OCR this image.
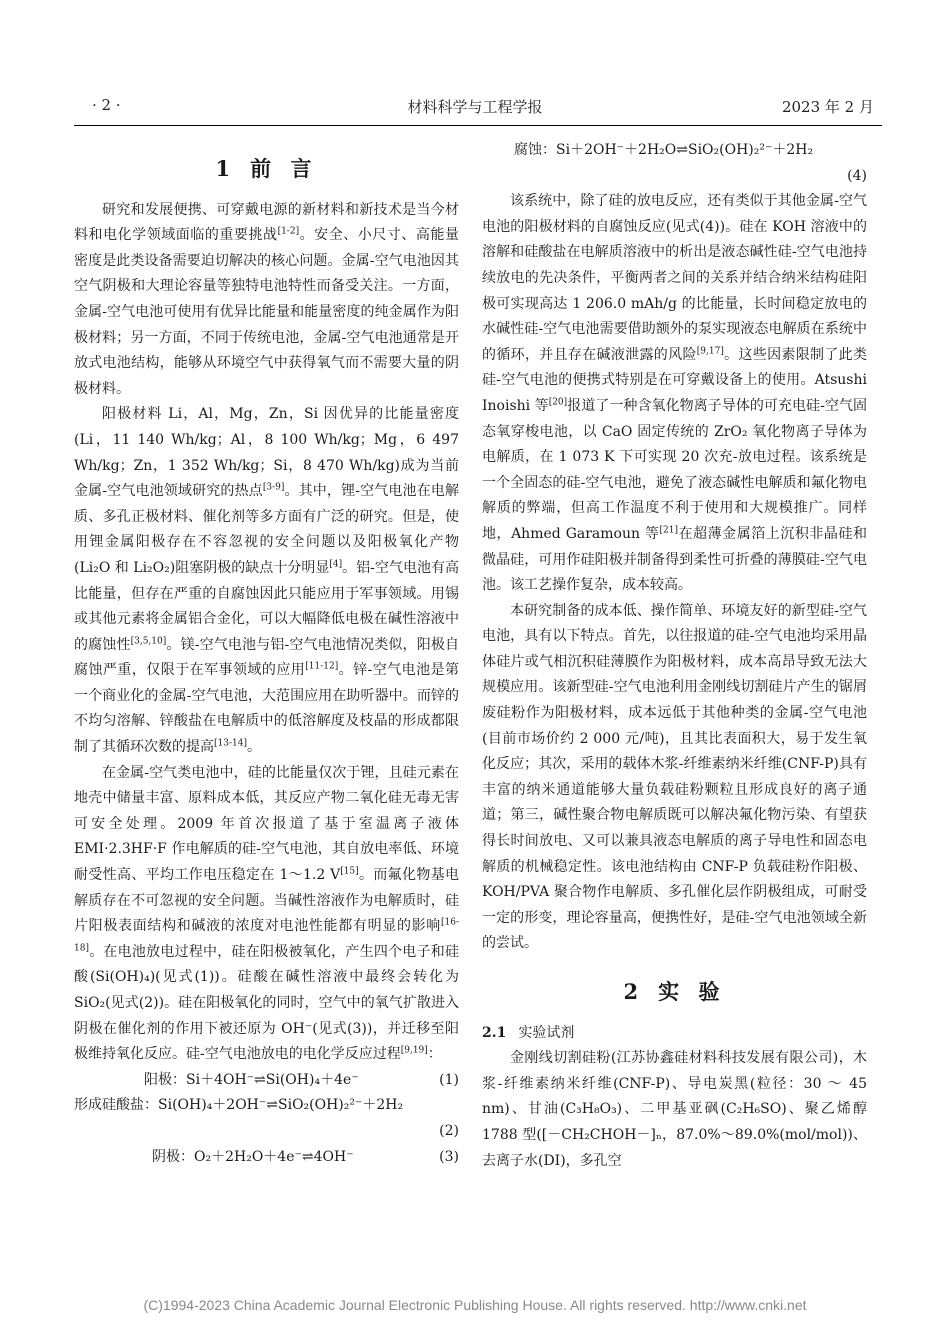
· 2 ·	材料科学与工程学报	2023 年 2 月
1 前 言

研究和发展便携、可穿戴电源的新材料和新技术是当今材料和电化学领域面临的重要挑战[1-2]。安全、小尺寸、高能量密度是此类设备需要迫切解决的核心问题。金属-空气电池因其空气阴极和大理论容量等独特电池特性而备受关注。一方面，金属-空气电池可使用有优异比能量和能量密度的纯金属作为阳极材料；另一方面，不同于传统电池，金属-空气电池通常是开放式电池结构，能够从环境空气中获得氧气而不需要大量的阴极材料。

阳极材料 Li，Al，Mg，Zn，Si 因优异的比能量密度(Li，11 140 Wh/kg；Al，8 100 Wh/kg；Mg，6 497 Wh/kg；Zn，1 352 Wh/kg；Si，8 470 Wh/kg)成为当前金属-空气电池领域研究的热点[3-9]。其中，锂-空气电池在电解质、多孔正极材料、催化剂等多方面有广泛的研究。但是，使用锂金属阳极存在不容忽视的安全问题以及阳极氧化产物(Li₂O 和 Li₂O₂)阻塞阴极的缺点十分明显[4]。铝-空气电池有高比能量，但存在严重的自腐蚀因此只能应用于军事领域。用锡或其他元素将金属铝合金化，可以大幅降低电极在碱性溶液中的腐蚀性[3,5,10]。镁-空气电池与铝-空气电池情况类似，阳极自腐蚀严重，仅限于在军事领域的应用[11-12]。锌-空气电池是第一个商业化的金属-空气电池，大范围应用在助听器中。而锌的不均匀溶解、锌酸盐在电解质中的低溶解度及枝晶的形成都限制了其循环次数的提高[13-14]。

在金属-空气类电池中，硅的比能量仅次于锂，且硅元素在地壳中储量丰富、原料成本低，其反应产物二氧化硅无毒无害可安全处理。2009 年首次报道了基于室温离子液体 EMI·2.3HF·F 作电解质的硅-空气电池，其自放电率低、环境耐受性高、平均工作电压稳定在 1～1.2 V[15]。而氟化物基电解质存在不可忽视的安全问题。当碱性溶液作为电解质时，硅片阳极表面结构和碱液的浓度对电池性能都有明显的影响[16-18]。在电池放电过程中，硅在阳极被氧化，产生四个电子和硅酸(Si(OH)₄)(见式(1))。硅酸在碱性溶液中最终会转化为 SiO₂(见式(2))。硅在阳极氧化的同时，空气中的氧气扩散进入阴极在催化剂的作用下被还原为 OH⁻(见式(3))，并迁移至阳极维持氧化反应。硅-空气电池放电的电化学反应过程[9,19]：

阳极：Si＋4OH⁻⇌Si(OH)₄＋4e⁻	(1)

形成硅酸盐：Si(OH)₄＋2OH⁻⇌SiO₂(OH)₂²⁻＋2H₂

(2)

阴极：O₂＋2H₂O＋4e⁻⇌4OH⁻	(3)

腐蚀：Si＋2OH⁻＋2H₂O⇌SiO₂(OH)₂²⁻＋2H₂

(4)

该系统中，除了硅的放电反应，还有类似于其他金属-空气电池的阳极材料的自腐蚀反应(见式(4))。硅在 KOH 溶液中的溶解和硅酸盐在电解质溶液中的析出是液态碱性硅-空气电池持续放电的先决条件，平衡两者之间的关系并结合纳米结构硅阳极可实现高达 1 206.0 mAh/g 的比能量，长时间稳定放电的水碱性硅-空气电池需要借助额外的泵实现液态电解质在系统中的循环，并且存在碱液泄露的风险[9,17]。这些因素限制了此类硅-空气电池的便携式特别是在可穿戴设备上的使用。Atsushi Inoishi 等[20]报道了一种含氧化物离子导体的可充电硅-空气固态氧穿梭电池，以 CaO 固定传统的 ZrO₂ 氧化物离子导体为电解质，在 1 073 K 下可实现 20 次充-放电过程。该系统是一个全固态的硅-空气电池，避免了液态碱性电解质和氟化物电解质的弊端，但高工作温度不利于使用和大规模推广。同样地，Ahmed Garamoun 等[21]在超薄金属箔上沉积非晶硅和微晶硅，可用作硅阳极并制备得到柔性可折叠的薄膜硅-空气电池。该工艺操作复杂，成本较高。

本研究制备的成本低、操作简单、环境友好的新型硅-空气电池，具有以下特点。首先，以往报道的硅-空气电池均采用晶体硅片或气相沉积硅薄膜作为阳极材料，成本高昂导致无法大规模应用。该新型硅-空气电池利用金刚线切割硅片产生的锯屑废硅粉作为阳极材料，成本远低于其他种类的金属-空气电池(目前市场价约 2 000 元/吨)，且其比表面积大，易于发生氧化反应；其次，采用的载体木浆-纤维素纳米纤维(CNF-P)具有丰富的纳米通道能够大量负载硅粉颗粒且形成良好的离子通道；第三，碱性聚合物电解质既可以解决氟化物污染、有望获得长时间放电、又可以兼具液态电解质的离子导电性和固态电解质的机械稳定性。该电池结构由 CNF-P 负载硅粉作阳极、KOH/PVA 聚合物作电解质、多孔催化层作阴极组成，可耐受一定的形变，理论容量高，便携性好，是硅-空气电池领域全新的尝试。

2 实 验

2.1 实验试剂

金刚线切割硅粉(江苏协鑫硅材料科技发展有限公司)，木浆-纤维素纳米纤维(CNF-P)、导电炭黑(粒径：30 ～ 45 nm)、甘油(C₃H₈O₃)、二甲基亚砜(C₂H₆SO)、聚乙烯醇 1788 型([－CH₂CHOH－]ₙ，87.0%～89.0%(mol/mol))、去离子水(DI)，多孔空

(C)1994-2023 China Academic Journal Electronic Publishing House. All rights reserved. http://www.cnki.net
